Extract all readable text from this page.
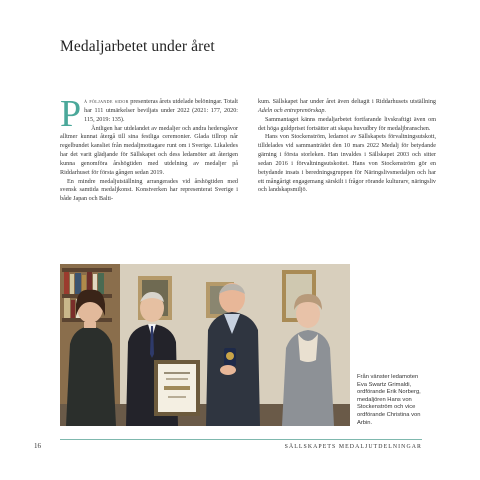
Medaljarbetet under året

På följande sidor presenteras årets utdelade belöningar. Totalt har 111 utmärkelser beviljats under 2022 (2021: 177, 2020: 115, 2019: 135).

Åntligen har utdelandet av medaljer och andra hedersgåvor alltmer kunnat återgå till sina festliga ceremonier. Glada tillrop når regelbundet kansliet från medaljmottagare runt om i Sverige. Likaledes har det varit glädjande för Sällskapet och dess ledamöter att återigen kunna genomföra årshögtiden med utdelning av medaljer på Riddarhuset för första gången sedan 2019.

En mindre medaljutställning arrangerades vid årshögtiden med svensk samtida medaljkonst. Konstverken har representerat Sverige i både Japan och Balti-

kum. Sällskapet har under året även deltagit i Riddarhusets utställning Adeln och entreprenörskap.

Sammantaget känns medaljarbetet fortfarande livskraftigt även om det höga guldpriset fortsätter att skapa huvudbry för medaljbranschen.

Hans von Stockenström, ledamot av Sällskapets förvaltningsutskott, tilldelades vid sammanträdet den 10 mars 2022 Medalj för betydande gärning i första storleken. Han invaldes i Sällskapet 2003 och sitter sedan 2016 i förvaltningsutskottet. Hans von Stockenström gör en betydande insats i beredningsgruppen för Näringslivsmedaljen och har ett mångårigt engagemang särskilt i frågor rörande kulturarv, näringsliv och landskapsmiljö.

Från vänster ledamoten Eva Swartz Grimaldi, ordförande Erik Norberg, medaljören Hans von Stockenström och vice ordförande Christina von Arbin.
16	SÄLLSKAPETS MEDALJUTDELNINGAR
